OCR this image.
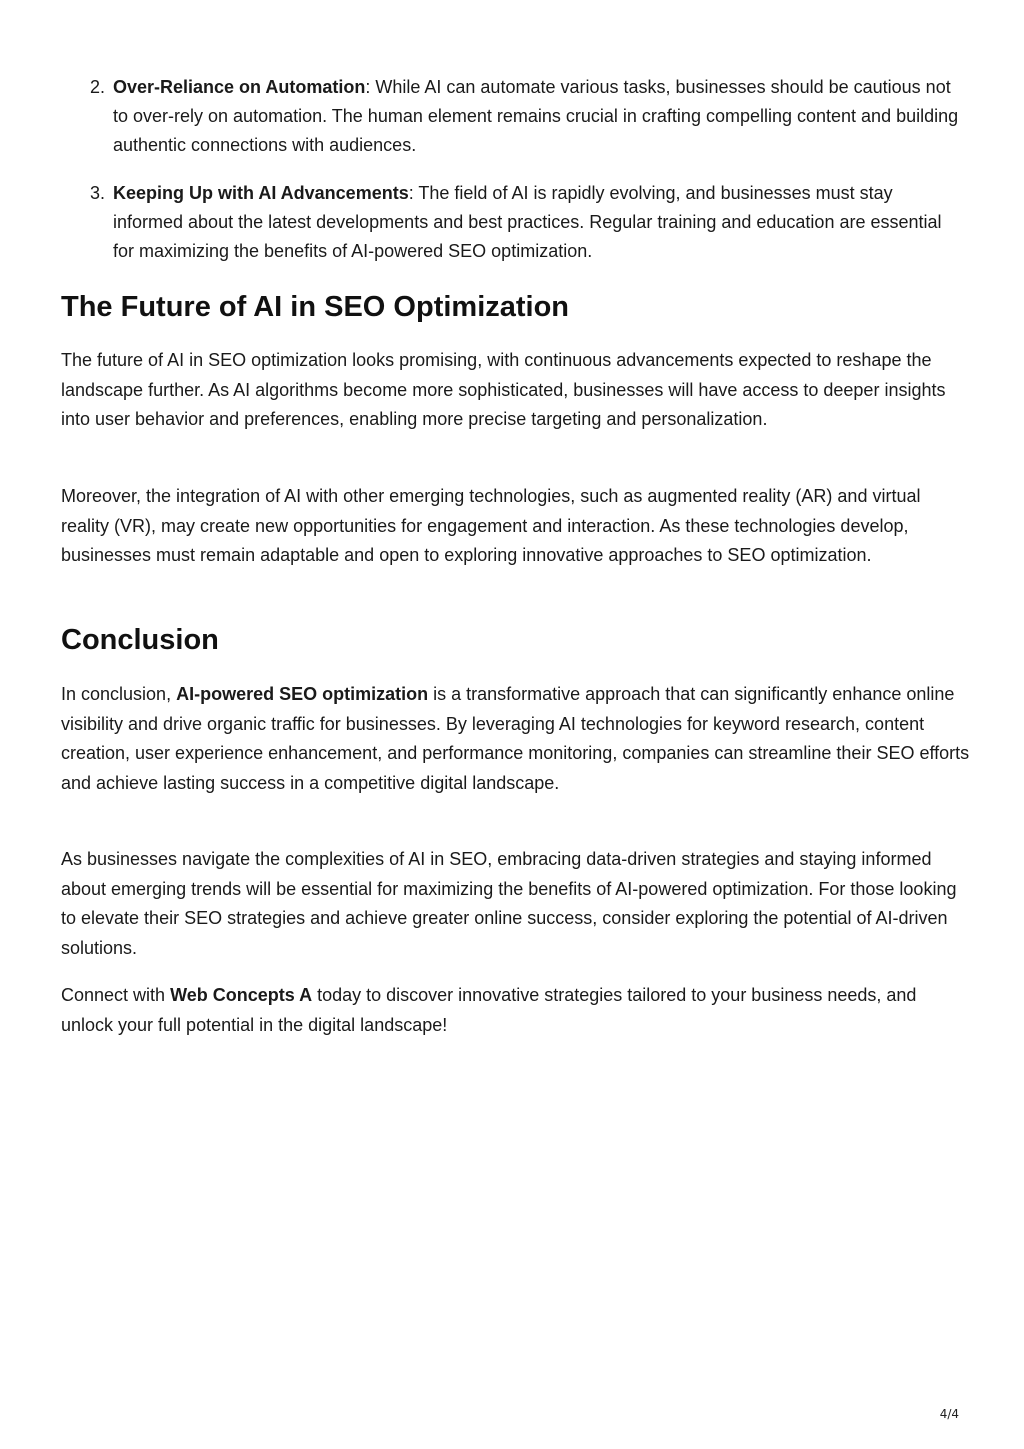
2. Over-Reliance on Automation: While AI can automate various tasks, businesses should be cautious not to over-rely on automation. The human element remains crucial in crafting compelling content and building authentic connections with audiences.
3. Keeping Up with AI Advancements: The field of AI is rapidly evolving, and businesses must stay informed about the latest developments and best practices. Regular training and education are essential for maximizing the benefits of AI-powered SEO optimization.
The Future of AI in SEO Optimization

The future of AI in SEO optimization looks promising, with continuous advancements expected to reshape the landscape further. As AI algorithms become more sophisticated, businesses will have access to deeper insights into user behavior and preferences, enabling more precise targeting and personalization.

Moreover, the integration of AI with other emerging technologies, such as augmented reality (AR) and virtual reality (VR), may create new opportunities for engagement and interaction. As these technologies develop, businesses must remain adaptable and open to exploring innovative approaches to SEO optimization.

Conclusion

In conclusion, AI-powered SEO optimization is a transformative approach that can significantly enhance online visibility and drive organic traffic for businesses. By leveraging AI technologies for keyword research, content creation, user experience enhancement, and performance monitoring, companies can streamline their SEO efforts and achieve lasting success in a competitive digital landscape.

As businesses navigate the complexities of AI in SEO, embracing data-driven strategies and staying informed about emerging trends will be essential for maximizing the benefits of AI-powered optimization. For those looking to elevate their SEO strategies and achieve greater online success, consider exploring the potential of AI-driven solutions.

Connect with Web Concepts A today to discover innovative strategies tailored to your business needs, and unlock your full potential in the digital landscape!

4/4
